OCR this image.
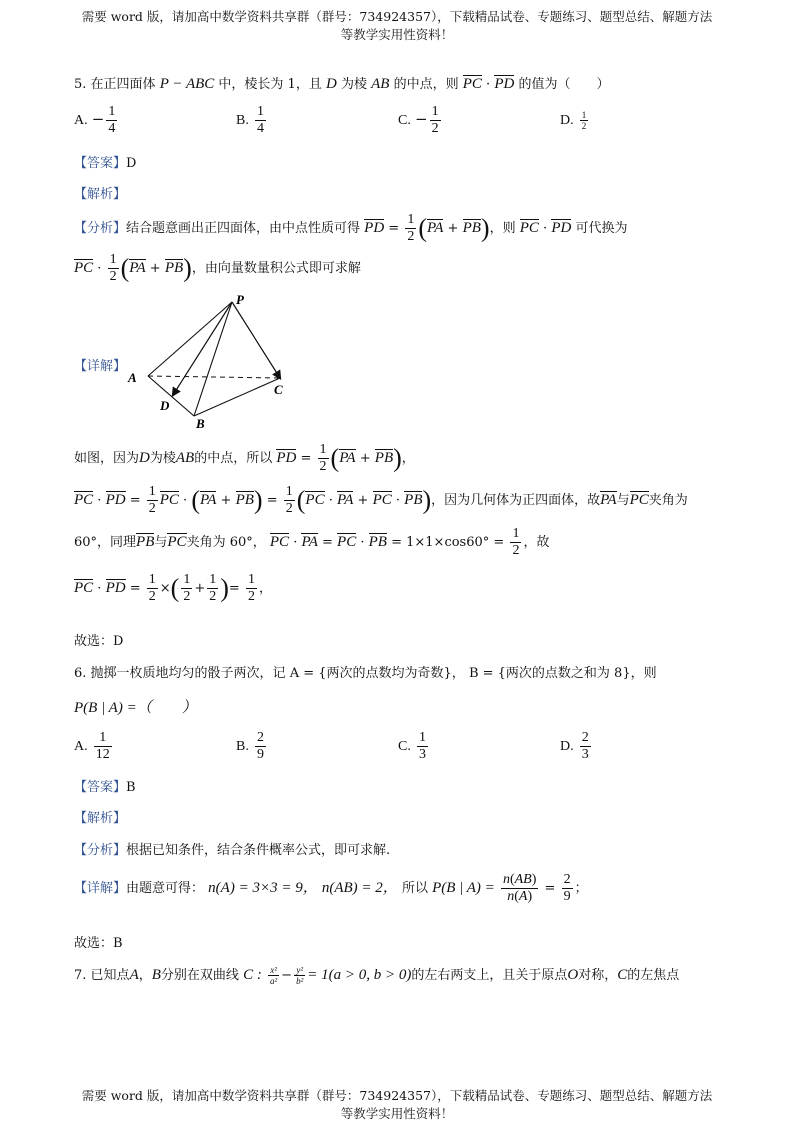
需要 word 版，请加高中数学资料共享群（群号：734924357），下载精品试卷、专题练习、题型总结、解题方法
等教学实用性资料！
5. 在正四面体 P − ABC 中，棱长为 1，且 D 为棱 AB 的中点，则 PC · PD 的值为（　　）
A. − $\frac{1}{4}$	B. $\frac{1}{4}$	C. − $\frac{1}{2}$	D. $\frac{1}{2}$
【答案】D
【解析】
【分析】结合题意画出正四面体，由中点性质可得 PD = $\frac{1}{2} (PA + PB)$，则 PC · PD 可代换为
PC · $\frac{1}{2} (PA + PB)$，由向量数量积公式即可求解
【详解】
P
A
B
C
D
如图，因为D为棱AB的中点，所以 PD = $\frac{1}{2} (PA + PB)$，
PC · PD = $\frac{1}{2}$ PC · $(PA + PB) = \frac{1}{2} (PC$ · PA + PC · PB)，因为几何体为正四面体，故PA与PC夹角为
60°，同理PB与PC夹角为 60°， PC · PA = PC · PB = $1\times 1\times\cos 60^\circ = \frac{1}{2}$ ，故
PC · PD = $\frac{1}{2}$ ×( $\frac{1}{2} + \frac{1}{2}$ )= $\frac{1}{2}$ ，
故选：D
6. 抛掷一枚质地均匀的骰子两次，记 A = {两次的点数均为奇数}， B = {两次的点数之和为 8}，则
P(B | A) =（　　）
A. $\frac{1}{12}$	B. $\frac{2}{9}$	C. $\frac{1}{3}$	D. $\frac{2}{3}$
【答案】B
【解析】
【分析】根据已知条件，结合条件概率公式，即可求解.
【详解】由题意可得： n(A) = 3×3 = 9， n(AB) = 2， 所以 P(B | $A) = \frac{n(AB)}{n(A)} = \frac{2}{9}$ ；
故选：B
7. 已知点A，B分别在双曲线 C : $\frac{\text{x²}}{\text{a²}} - \frac{\text{y²}}{\text{b²}} = 1(a > 0$, b > 0)的左右两支上，且关于原点O对称，C的左焦点
需要 word 版，请加高中数学资料共享群（群号：734924357），下载精品试卷、专题练习、题型总结、解题方法
等教学实用性资料！
